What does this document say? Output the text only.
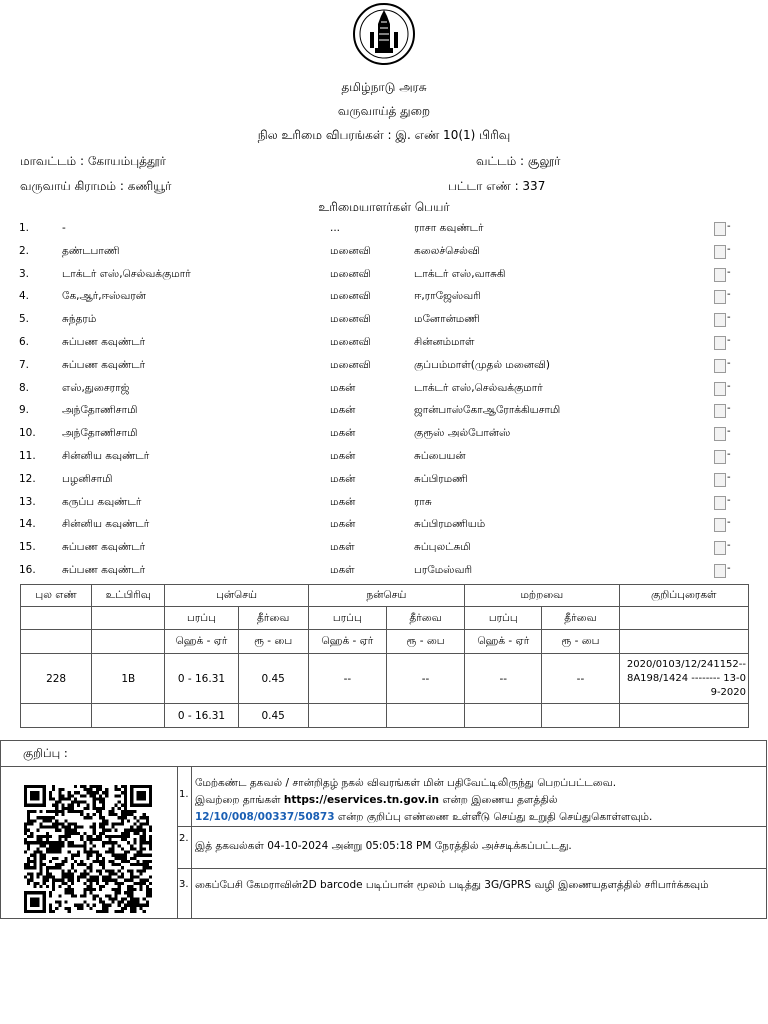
தமிழ்நாடு அரசு
வருவாய்த் துறை
நில உரிமை விபரங்கள் : இ. எண் 10(1) பிரிவு
மாவட்டம் : கோயம்புத்தூர்	வட்டம் : சூலூர்
வருவாய் கிராமம் : கணியூர்	பட்டா எண் : 337
உரிமையாளர்கள் பெயர்
1.	-	...	ராசா கவுண்டர்	-
2.	தண்டபாணி	மனைவி	கலைச்செல்வி	-
3.	டாக்டர் எஸ்,செல்வக்குமார்	மனைவி	டாக்டர் எஸ்,வாசுகி	-
4.	கே,ஆர்,ஈஸ்வரன்	மனைவி	ஈ,ராஜேஸ்வரி	-
5.	சுந்தரம்	மனைவி	மனோன்மணி	-
6.	சுப்பண கவுண்டர்	மனைவி	சின்னம்மாள்	-
7.	சுப்பண கவுண்டர்	மனைவி	குப்பம்மாள்(முதல் மனைவி)	-
8.	எஸ்,துசைராஜ்	மகன்	டாக்டர் எஸ்,செல்வக்குமார்	-
9.	அந்தோணிசாமி	மகன்	ஜான்பாஸ்கோஆரோக்கியசாமி	-
10.	அந்தோணிசாமி	மகன்	குரூஸ் அல்போன்ஸ்	-
11.	சின்னிய கவுண்டர்	மகன்	சுப்பையன்	-
12.	பழனிசாமி	மகன்	சுப்பிரமணி	-
13.	கருப்ப கவுண்டர்	மகன்	ராசு	-
14.	சின்னிய கவுண்டர்	மகன்	சுப்பிரமணியம்	-
15.	சுப்பண கவுண்டர்	மகள்	சுப்புலட்சுமி	-
16.	சுப்பண கவுண்டர்	மகள்	பரமேஸ்வரி	-
புல எண்	உட்பிரிவு	புன்செய்		நன்செய்		மற்றவை		குறிப்புரைகள்
		பரப்பு	தீர்வை	பரப்பு	தீர்வை	பரப்பு	தீர்வை	
		ஹெக் - ஏர்	ரூ - பை	ஹெக் - ஏர்	ரூ - பை	ஹெக் - ஏர்	ரூ - பை	
228	1B	0 - 16.31	0.45	--	--	--	--	2020/0103/12/241152--8A198/1424 -------- 13-09-2020
		0 - 16.31	0.45					
குறிப்பு :		
	1.	மேற்கண்ட தகவல் / சான்றிதழ் நகல் விவரங்கள் மின் பதிவேட்டிலிருந்து பெறப்பட்டவை.
இவற்றை தாங்கள் https://eservices.tn.gov.in என்ற இணைய தளத்தில்
12/10/008/00337/50873 என்ற குறிப்பு எண்ணை உள்ளீடு செய்து உறுதி செய்துகொள்ளவும்.

	2.	இத் தகவல்கள் 04-10-2024 அன்று 05:05:18 PM நேரத்தில் அச்சடிக்கப்பட்டது.
	3.	கைப்பேசி கேமராவின்2D barcode படிப்பான் மூலம் படித்து 3G/GPRS வழி இணையதளத்தில் சரிபார்க்கவும்
